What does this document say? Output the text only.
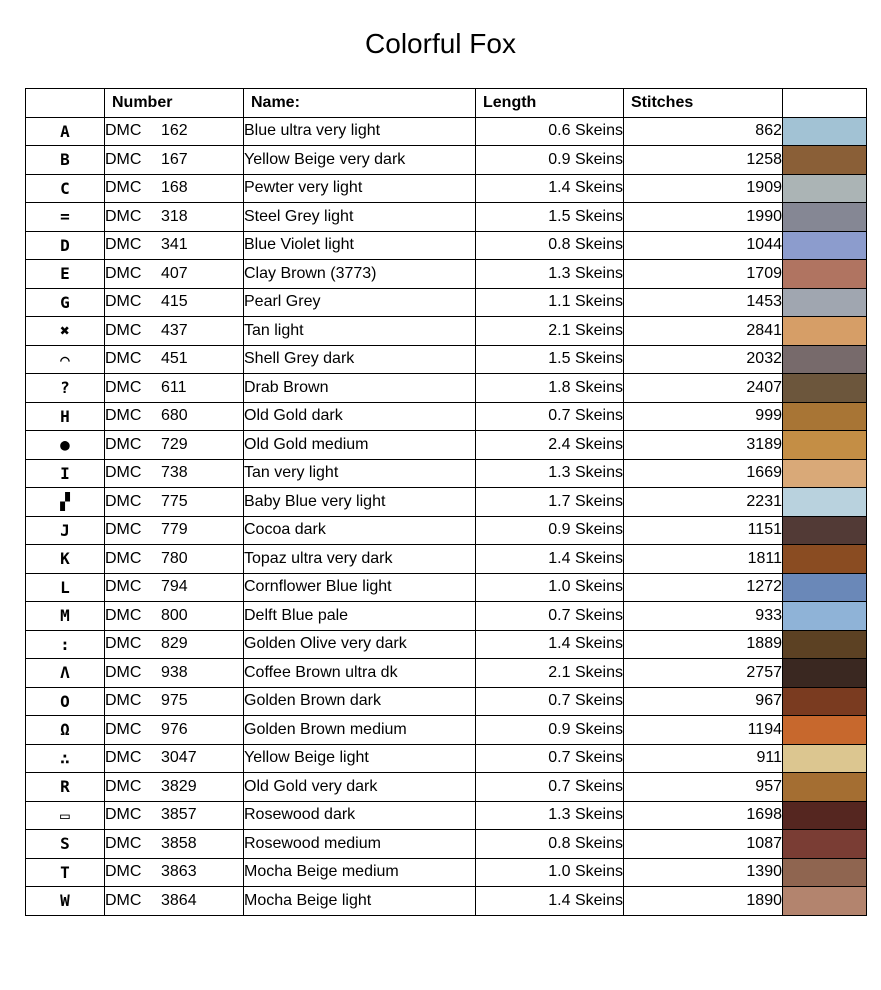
Colorful Fox
	Number	Name:	Length	Stitches	
A	DMC 162	Blue ultra very light	0.6 Skeins	862	

B	DMC 167	Yellow Beige very dark	0.9 Skeins	1258	

C	DMC 168	Pewter very light	1.4 Skeins	1909	

=	DMC 318	Steel Grey light	1.5 Skeins	1990	

D	DMC 341	Blue Violet light	0.8 Skeins	1044	

E	DMC 407	Clay Brown (3773)	1.3 Skeins	1709	

G	DMC 415	Pearl Grey	1.1 Skeins	1453	

✖	DMC 437	Tan light	2.1 Skeins	2841	

⌒	DMC 451	Shell Grey dark	1.5 Skeins	2032	

?	DMC 611	Drab Brown	1.8 Skeins	2407	

H	DMC 680	Old Gold dark	0.7 Skeins	999	

●	DMC 729	Old Gold medium	2.4 Skeins	3189	

I	DMC 738	Tan very light	1.3 Skeins	1669	

▞	DMC 775	Baby Blue very light	1.7 Skeins	2231	

J	DMC 779	Cocoa dark	0.9 Skeins	1151	

K	DMC 780	Topaz ultra very dark	1.4 Skeins	1811	

L	DMC 794	Cornflower Blue light	1.0 Skeins	1272	

M	DMC 800	Delft Blue pale	0.7 Skeins	933	

:	DMC 829	Golden Olive very dark	1.4 Skeins	1889	

Λ	DMC 938	Coffee Brown ultra dk	2.1 Skeins	2757	

O	DMC 975	Golden Brown dark	0.7 Skeins	967	

Ω	DMC 976	Golden Brown medium	0.9 Skeins	1194	

∴	DMC 3047	Yellow Beige light	0.7 Skeins	911	

R	DMC 3829	Old Gold very dark	0.7 Skeins	957	

▭	DMC 3857	Rosewood dark	1.3 Skeins	1698	

S	DMC 3858	Rosewood medium	0.8 Skeins	1087	

T	DMC 3863	Mocha Beige medium	1.0 Skeins	1390	

W	DMC 3864	Mocha Beige light	1.4 Skeins	1890	
